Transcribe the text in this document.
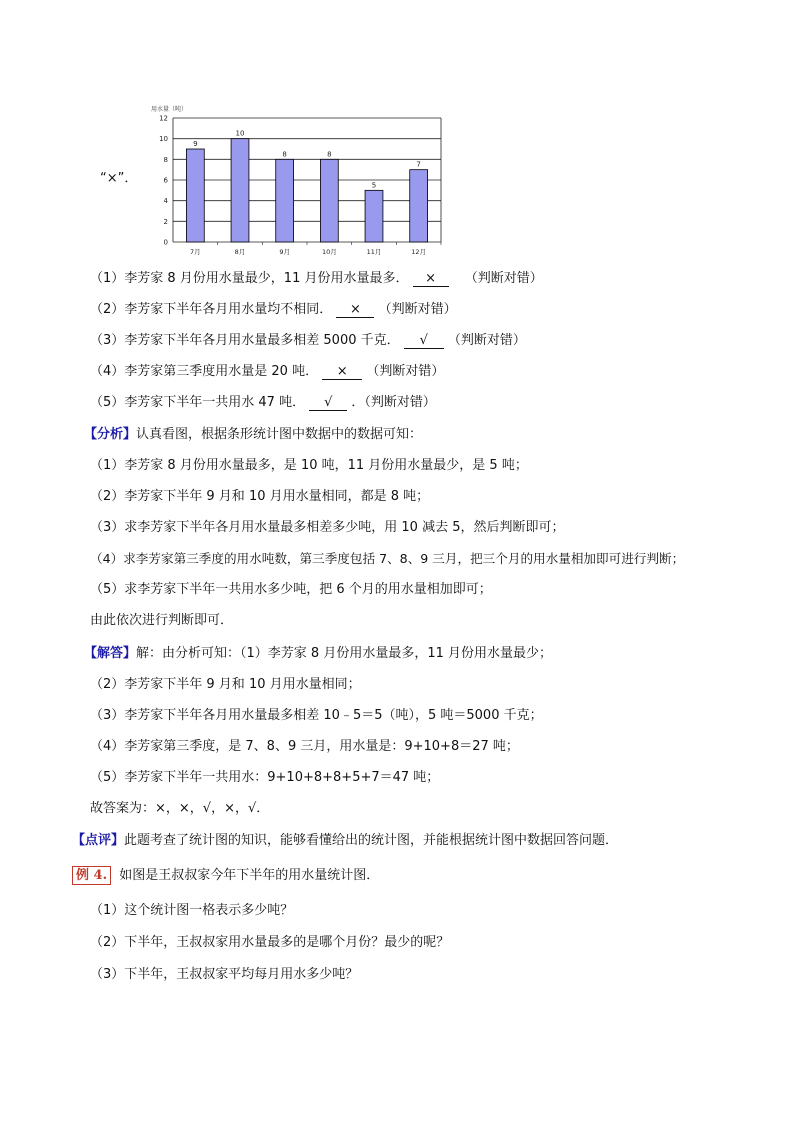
“×”．
用水量（吨）
0
2
4
6
8
10
12
9
7月
10
8月
8
9月
8
10月
5
11月
7
12月
（1）李芳家 8 月份用水量最少，11 月份用水量最多． × （判断对错）
（2）李芳家下半年各月用水量均不相同． × （判断对错）
（3）李芳家下半年各月用水量最多相差 5000 千克． √ （判断对错）
（4）李芳家第三季度用水量是 20 吨． × （判断对错）
（5）李芳家下半年一共用水 47 吨． √ ．（判断对错）
【分析】认真看图，根据条形统计图中数据中的数据可知：
（1）李芳家 8 月份用水量最多，是 10 吨，11 月份用水量最少，是 5 吨；
（2）李芳家下半年 9 月和 10 月用水量相同，都是 8 吨；
（3）求李芳家下半年各月用水量最多相差多少吨，用 10 减去 5，然后判断即可；
（4）求李芳家第三季度的用水吨数，第三季度包括 7、8、9 三月，把三个月的用水量相加即可进行判断；
（5）求李芳家下半年一共用水多少吨，把 6 个月的用水量相加即可；
由此依次进行判断即可．
【解答】解：由分析可知：（1）李芳家 8 月份用水量最多，11 月份用水量最少；
（2）李芳家下半年 9 月和 10 月用水量相同；
（3）李芳家下半年各月用水量最多相差 10﹣5＝5（吨），5 吨＝5000 千克；
（4）李芳家第三季度，是 7、8、9 三月，用水量是：9+10+8＝27 吨；
（5）李芳家下半年一共用水：9+10+8+8+5+7＝47 吨；
故答案为：×，×，√，×，√．
【点评】此题考查了统计图的知识，能够看懂给出的统计图，并能根据统计图中数据回答问题．
例 4. 如图是王叔叔家今年下半年的用水量统计图．
（1）这个统计图一格表示多少吨？
（2）下半年，王叔叔家用水量最多的是哪个月份？最少的呢？
（3）下半年，王叔叔家平均每月用水多少吨？
